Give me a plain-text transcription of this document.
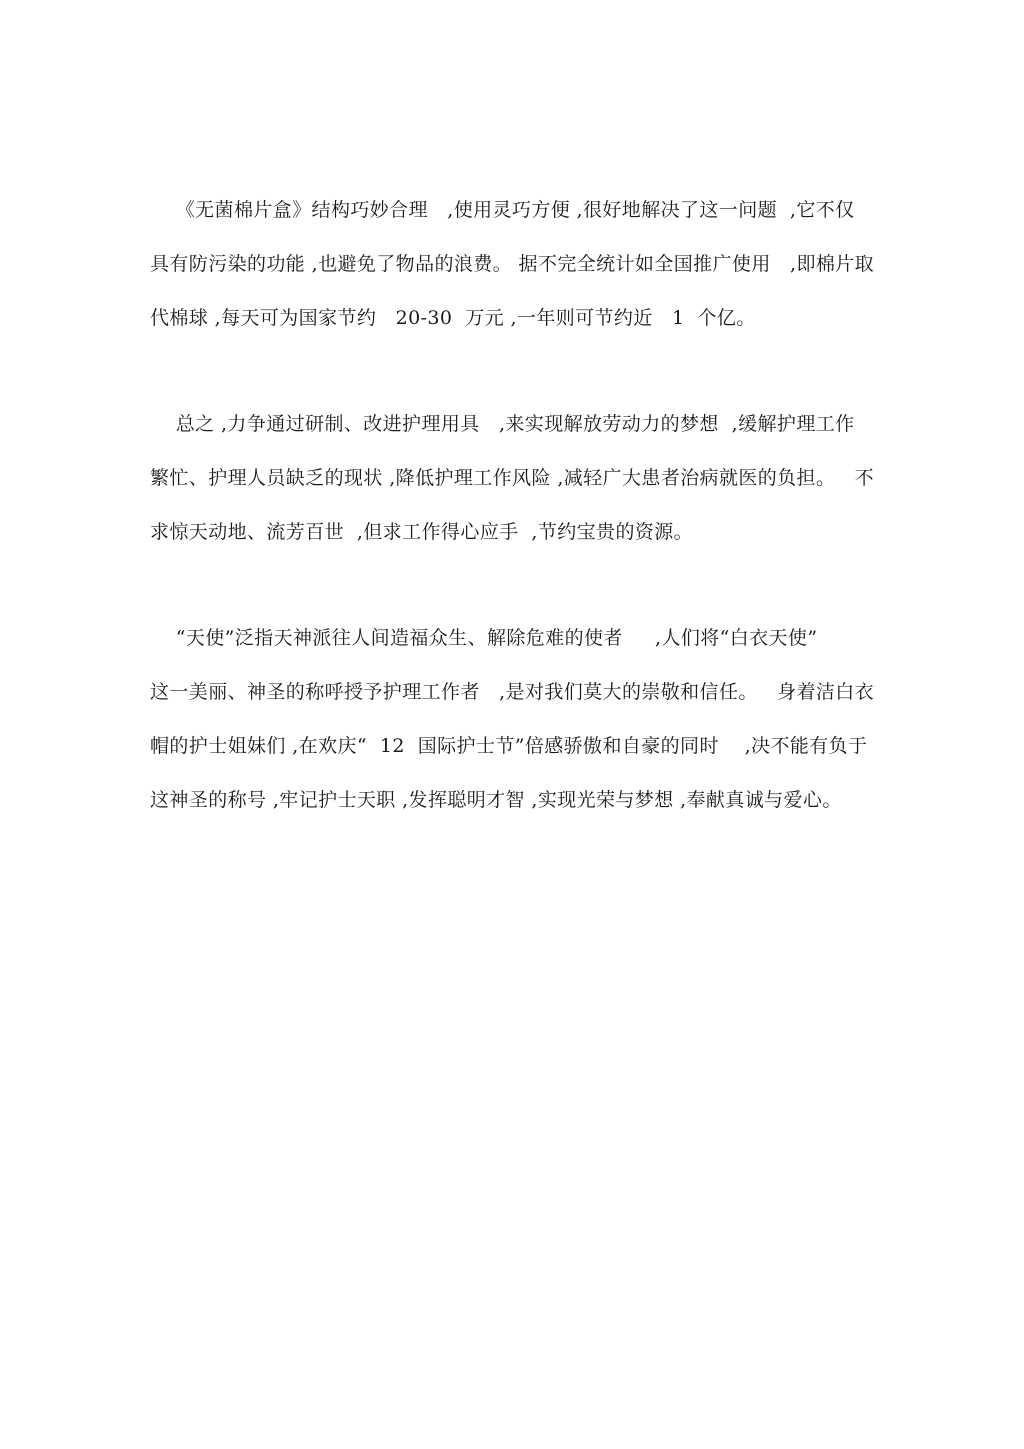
《无菌棉片盒》结构巧妙合理   ,使用灵巧方便 ,很好地解决了这一问题  ,它不仅
具有防污染的功能 ,也避免了物品的浪费。 据不完全统计如全国推广使用   ,即棉片取
代棉球 ,每天可为国家节约   20-30  万元 ,一年则可节约近   1  个亿。
总之 ,力争通过研制、改进护理用具   ,来实现解放劳动力的梦想  ,缓解护理工作
繁忙、护理人员缺乏的现状 ,降低护理工作风险 ,减轻广大患者治病就医的负担。   不
求惊天动地、流芳百世  ,但求工作得心应手  ,节约宝贵的资源。
“天使”泛指天神派往人间造福众生、解除危难的使者     ,人们将“白衣天使”
这一美丽、神圣的称呼授予护理工作者   ,是对我们莫大的崇敬和信任。   身着洁白衣
帽的护士姐妹们 ,在欢庆“  12  国际护士节”倍感骄傲和自豪的同时    ,决不能有负于
这神圣的称号 ,牢记护士天职 ,发挥聪明才智 ,实现光荣与梦想 ,奉献真诚与爱心。
